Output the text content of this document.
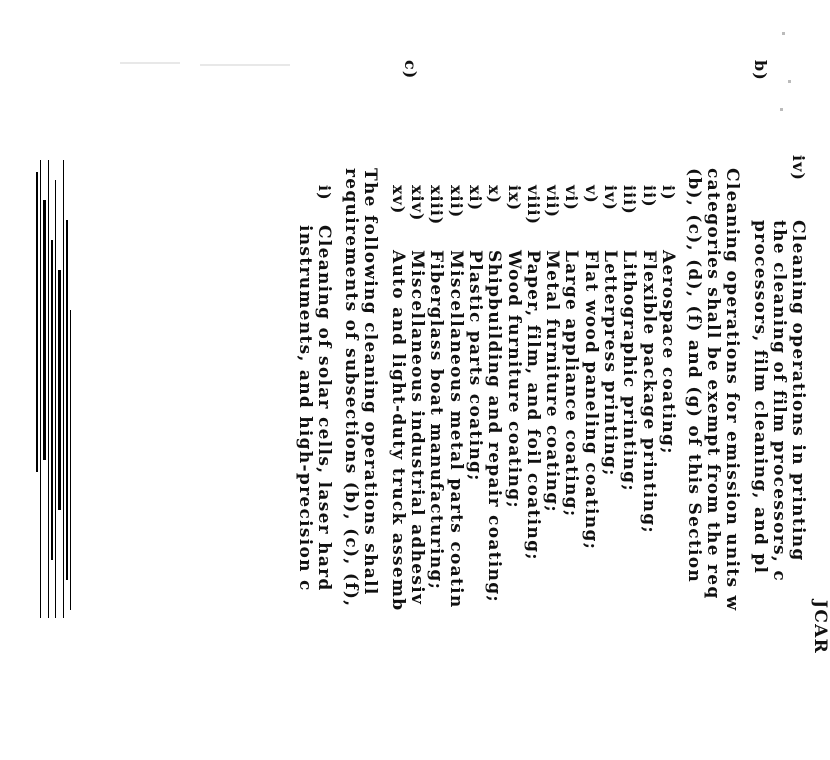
JCAR
b)
c)
iv)
Cleaning operations in printing
the cleaning of film processors, c
processors, film cleaning, and pl
Cleaning operations for emission units w
categories shall be exempt from the req
(b), (c), (d), (f) and (g) of this Section
i)
Aerospace coating;
ii)
Flexible package printing;
iii)
Lithographic printing;
iv)
Letterpress printing;
v)
Flat wood paneling coating;
vi)
Large appliance coating;
vii)
Metal furniture coating;
viii)
Paper, film, and foil coating;
ix)
Wood furniture coating;
x)
Shipbuilding and repair coating;
xi)
Plastic parts coating;
xii)
Miscellaneous metal parts coatin
xiii)
Fiberglass boat manufacturing;
xiv)
Miscellaneous industrial adhesiv
xv)
Auto and light-duty truck assemb
The following cleaning operations shall
requirements of subsections (b), (c), (f),
i)
Cleaning of solar cells, laser hard
instruments, and high-precision c
